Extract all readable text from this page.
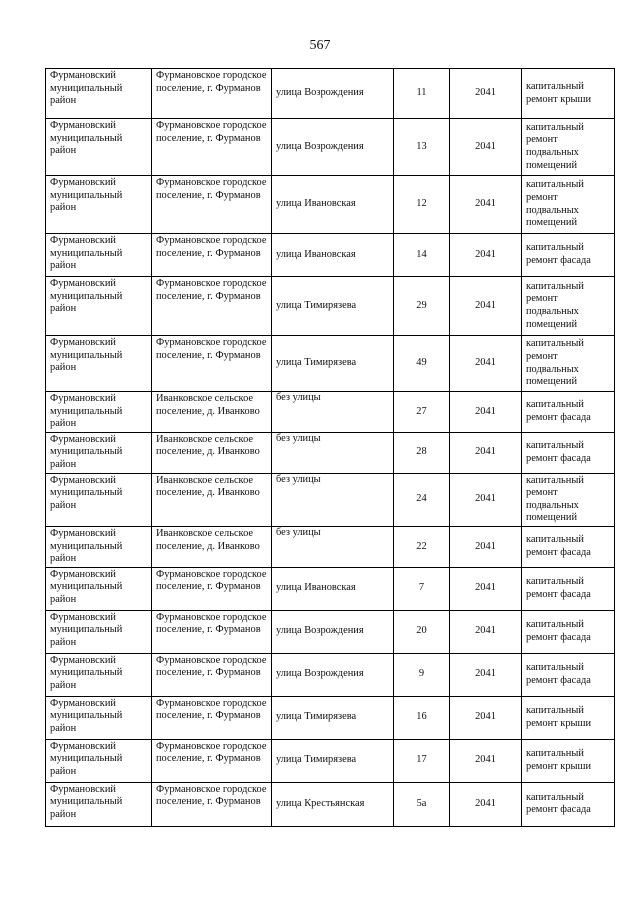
567
Фурмановский муниципальный район	Фурмановское городское поселение, г. Фурманов	улица Возрождения	11	2041	капитальный ремонт крыши
Фурмановский муниципальный район	Фурмановское городское поселение, г. Фурманов	улица Возрождения	13	2041	капитальный ремонт подвальных помещений
Фурмановский муниципальный район	Фурмановское городское поселение, г. Фурманов	улица Ивановская	12	2041	капитальный ремонт подвальных помещений
Фурмановский муниципальный район	Фурмановское городское поселение, г. Фурманов	улица Ивановская	14	2041	капитальный ремонт фасада
Фурмановский муниципальный район	Фурмановское городское поселение, г. Фурманов	улица Тимирязева	29	2041	капитальный ремонт подвальных помещений
Фурмановский муниципальный район	Фурмановское городское поселение, г. Фурманов	улица Тимирязева	49	2041	капитальный ремонт подвальных помещений
Фурмановский муниципальный район	Иванковское сельское поселение, д. Иванково	без улицы	27	2041	капитальный ремонт фасада
Фурмановский муниципальный район	Иванковское сельское поселение, д. Иванково	без улицы	28	2041	капитальный ремонт фасада
Фурмановский муниципальный район	Иванковское сельское поселение, д. Иванково	без улицы	24	2041	капитальный ремонт подвальных помещений
Фурмановский муниципальный район	Иванковское сельское поселение, д. Иванково	без улицы	22	2041	капитальный ремонт фасада
Фурмановский муниципальный район	Фурмановское городское поселение, г. Фурманов	улица Ивановская	7	2041	капитальный ремонт фасада
Фурмановский муниципальный район	Фурмановское городское поселение, г. Фурманов	улица Возрождения	20	2041	капитальный ремонт фасада
Фурмановский муниципальный район	Фурмановское городское поселение, г. Фурманов	улица Возрождения	9	2041	капитальный ремонт фасада
Фурмановский муниципальный район	Фурмановское городское поселение, г. Фурманов	улица Тимирязева	16	2041	капитальный ремонт крыши
Фурмановский муниципальный район	Фурмановское городское поселение, г. Фурманов	улица Тимирязева	17	2041	капитальный ремонт крыши
Фурмановский муниципальный район	Фурмановское городское поселение, г. Фурманов	улица Крестьянская	5а	2041	капитальный ремонт фасада
